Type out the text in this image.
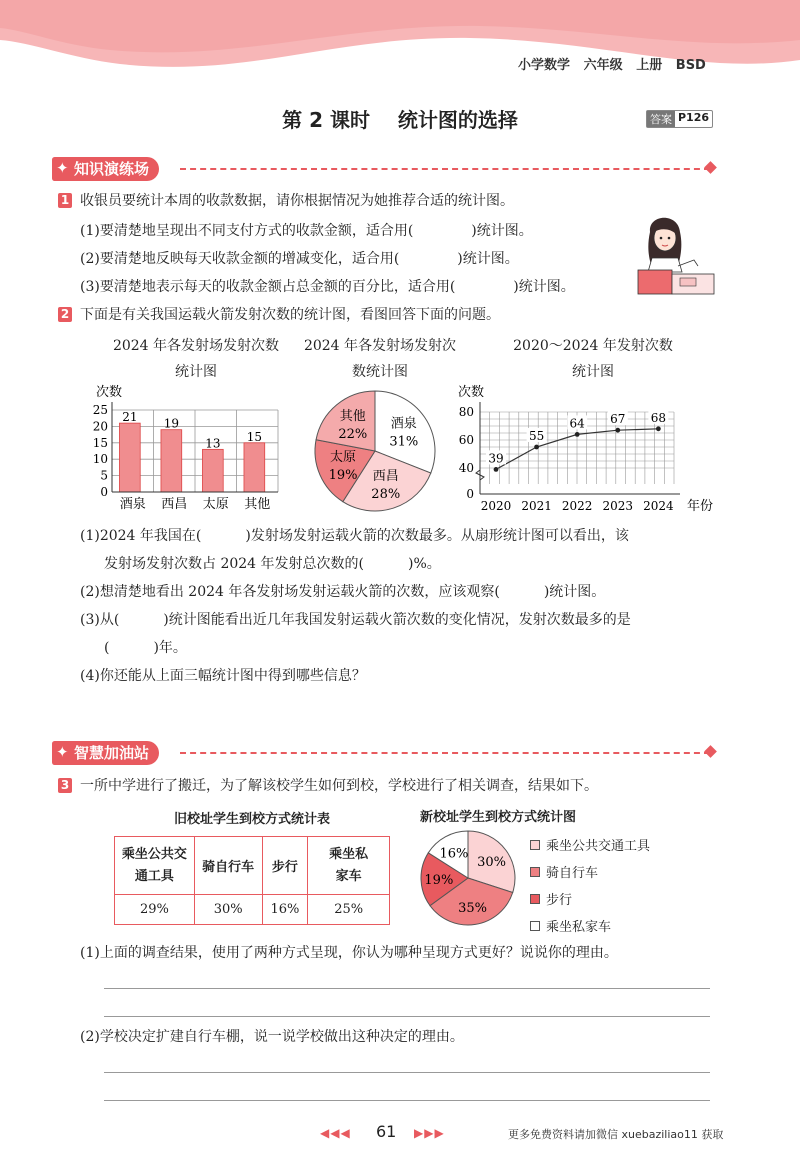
小学数学 六年级 上册 BSD
第 2 课时 统计图的选择	答案 P126
✦ 知识演练场
1 收银员要统计本周的收款数据，请你根据情况为她推荐合适的统计图。
(1)要清楚地呈现出不同支付方式的收款金额，适合用(	)统计图。
(2)要清楚地反映每天收款金额的增减变化，适合用(	)统计图。
(3)要清楚地表示每天的收款金额占总金额的百分比，适合用(	)统计图。
2 下面是有关我国运载火箭发射次数的统计图，看图回答下面的问题。
2024 年各发射场发射次数统计图
2024 年各发射场发射次数统计图
2020～2024 年发射次数统计图
次数
0
5
10
15
20
25
21
酒泉
19
西昌
13
太原
15
其他
酒泉
31%
西昌
28%
太原
19%
其他
22%
次数
0
40
60
80
39
2020
55
2021
64
2022
67
2023
68
2024 年份
(1)2024 年我国在(	)发射场发射运载火箭的次数最多。从扇形统计图可以看出，该
发射场发射次数占 2024 年发射总次数的(	)%。
(2)想清楚地看出 2024 年各发射场发射运载火箭的次数，应该观察(	)统计图。
(3)从(	)统计图能看出近几年我国发射运载火箭次数的变化情况，发射次数最多的是
(	)年。
(4)你还能从上面三幅统计图中得到哪些信息？
✦ 智慧加油站
3 一所中学进行了搬迁，为了解该校学生如何到校，学校进行了相关调查，结果如下。
旧校址学生到校方式统计表
乘坐公共交通工具	骑自行车	步行	乘坐私家车
29%	30%	16%	25%
新校址学生到校方式统计图
30%
35%
19%
16%	乘坐公共交通工具
骑自行车
步行
乘坐私家车
(1)上面的调查结果，使用了两种方式呈现，你认为哪种呈现方式更好？说说你的理由。
(2)学校决定扩建自行车棚，说一说学校做出这种决定的理由。
◀◀◀ 61 ▶▶▶	更多免费资料请加微信 xuebaziliao11 获取
